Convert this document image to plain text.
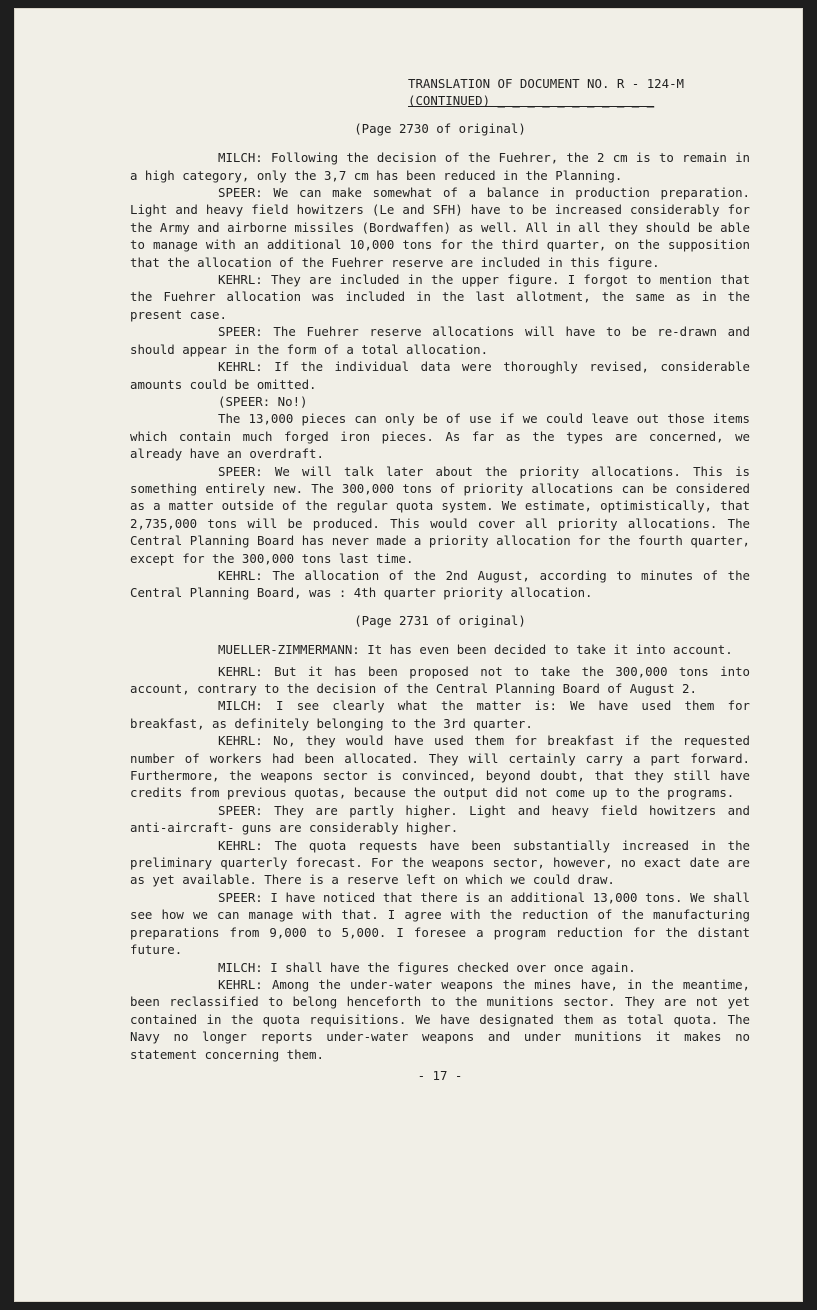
TRANSLATION OF DOCUMENT NO. R - 124-M
(CONTINUED) _ _ _ _ _ _ _ _ _ _ _
(Page 2730 of original)

MILCH: Following the decision of the Fuehrer, the 2 cm is to remain in a high category, only the 3,7 cm has been reduced in the Planning.

SPEER: We can make somewhat of a balance in production preparation. Light and heavy field howitzers (Le and SFH) have to be increased considerably for the Army and airborne missiles (Bordwaffen) as well. All in all they should be able to manage with an additional 10,000 tons for the third quarter, on the supposition that the allocation of the Fuehrer reserve are included in this figure.

KEHRL: They are included in the upper figure. I forgot to mention that the Fuehrer allocation was included in the last allotment, the same as in the present case.

SPEER: The Fuehrer reserve allocations will have to be re-drawn and should appear in the form of a total allocation.

KEHRL: If the individual data were thoroughly revised, considerable amounts could be omitted.

(SPEER: No!)

The 13,000 pieces can only be of use if we could leave out those items which contain much forged iron pieces. As far as the types are concerned, we already have an overdraft.

SPEER: We will talk later about the priority allocations. This is something entirely new. The 300,000 tons of priority allocations can be considered as a matter outside of the regular quota system. We estimate, optimistically, that 2,735,000 tons will be produced. This would cover all priority allocations. The Central Planning Board has never made a priority allocation for the fourth quarter, except for the 300,000 tons last time.

KEHRL: The allocation of the 2nd August, according to minutes of the Central Planning Board, was : 4th quarter priority allocation.

(Page 2731 of original)

MUELLER-ZIMMERMANN: It has even been decided to take it into account.

KEHRL: But it has been proposed not to take the 300,000 tons into account, contrary to the decision of the Central Planning Board of August 2.

MILCH: I see clearly what the matter is: We have used them for breakfast, as definitely belonging to the 3rd quarter.

KEHRL: No, they would have used them for breakfast if the requested number of workers had been allocated. They will certainly carry a part forward. Furthermore, the weapons sector is convinced, beyond doubt, that they still have credits from previous quotas, because the output did not come up to the programs.

SPEER: They are partly higher. Light and heavy field howitzers and anti-aircraft- guns are considerably higher.

KEHRL: The quota requests have been substantially increased in the preliminary quarterly forecast. For the weapons sector, however, no exact date are as yet available. There is a reserve left on which we could draw.

SPEER: I have noticed that there is an additional 13,000 tons. We shall see how we can manage with that. I agree with the reduction of the manufacturing preparations from 9,000 to 5,000. I foresee a program reduction for the distant future.

MILCH: I shall have the figures checked over once again.

KEHRL: Among the under-water weapons the mines have, in the meantime, been reclassified to belong henceforth to the munitions sector. They are not yet contained in the quota requisitions. We have designated them as total quota. The Navy no longer reports under-water weapons and under munitions it makes no statement concerning them.

- 17 -
